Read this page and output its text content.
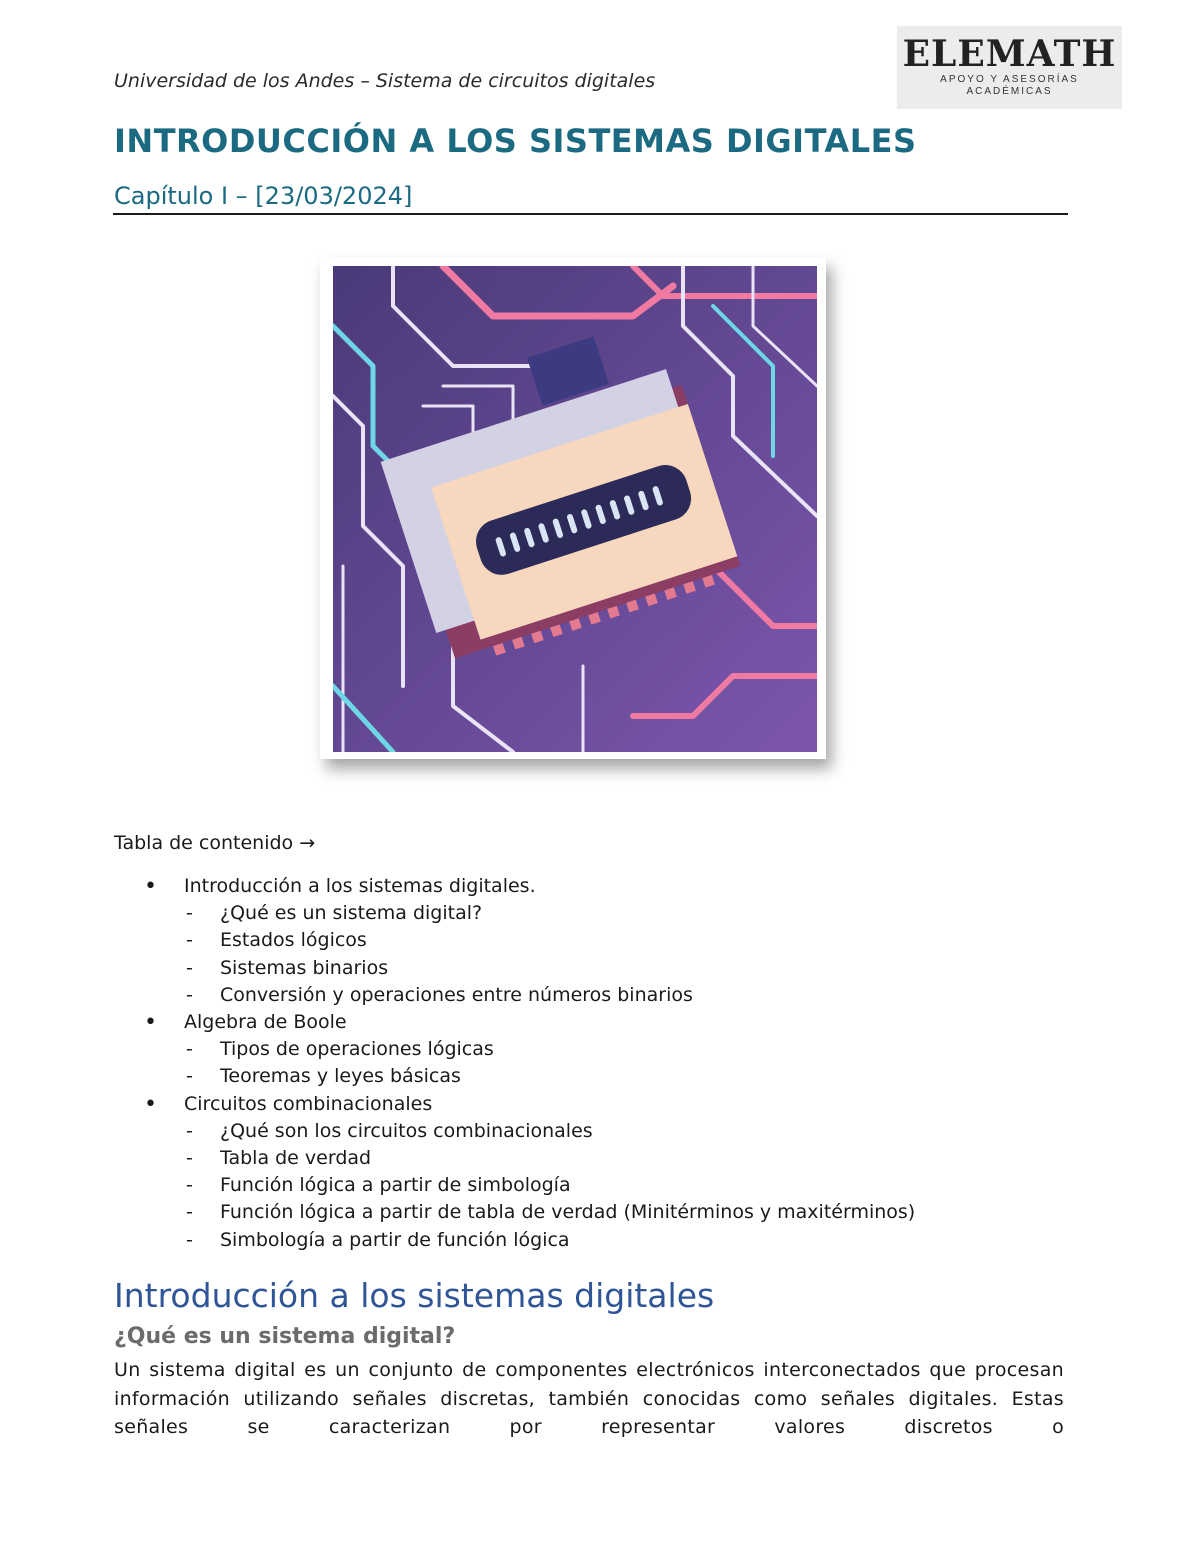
Universidad de los Andes – Sistema de circuitos digitales
ELEMATH
APOYO Y ASESORÍAS ACADÉMICAS
INTRODUCCIÓN A LOS SISTEMAS DIGITALES
Capítulo I – [23/03/2024]
Tabla de contenido →
• Introducción a los sistemas digitales.
- ¿Qué es un sistema digital?
- Estados lógicos
- Sistemas binarios
- Conversión y operaciones entre números binarios
• Algebra de Boole
- Tipos de operaciones lógicas
- Teoremas y leyes básicas
• Circuitos combinacionales
- ¿Qué son los circuitos combinacionales
- Tabla de verdad
- Función lógica a partir de simbología
- Función lógica a partir de tabla de verdad (Minitérminos y maxitérminos)
- Simbología a partir de función lógica
Introducción a los sistemas digitales
¿Qué es un sistema digital?

Un sistema digital es un conjunto de componentes electrónicos interconectados que procesan información utilizando señales discretas, también conocidas como señales digitales. Estas señales se caracterizan por representar valores discretos o
